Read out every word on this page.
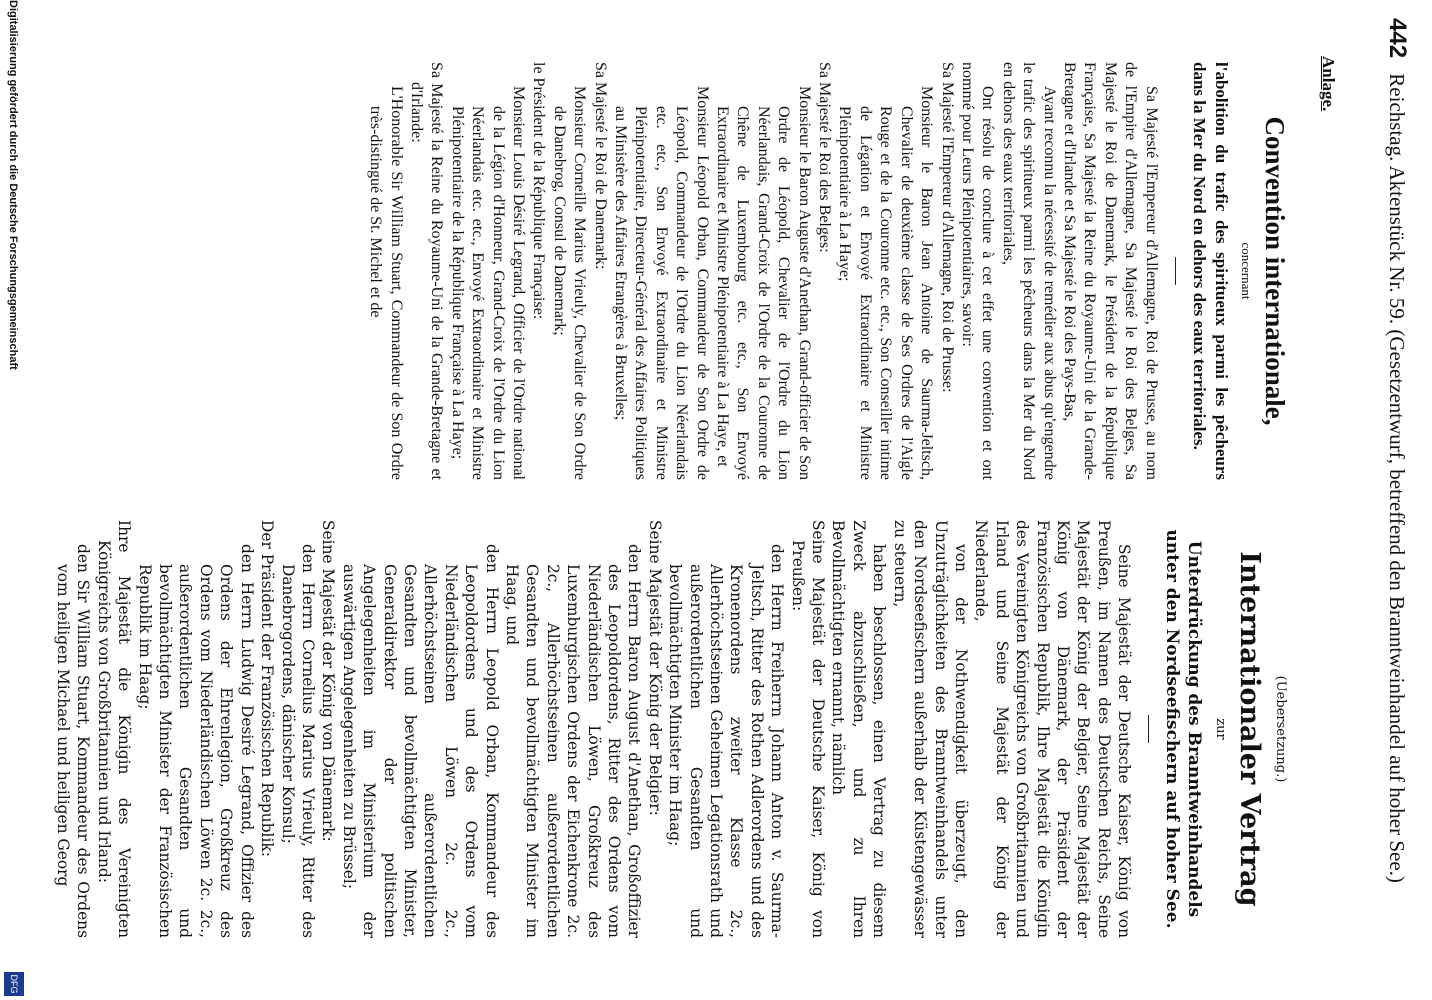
442 Reichstag. Aktenstück Nr. 59. (Gesetzentwurf, betreffend den Branntweinhandel auf hoher See.)
Anlage.
Convention internationale,
concernant

l'abolition du trafic des spiritueux parmi les pêcheurs dans la Mer du Nord en dehors des eaux territoriales.

Sa Majesté l'Empereur d'Allemagne, Roi de Prusse, au nom de l'Empire d'Allemagne, Sa Majesté le Roi des Belges, Sa Majesté le Roi de Danemark, le Président de la République Française, Sa Majesté la Reine du Royaume-Uni de la Grande-Bretagne et d'Irlande et Sa Majesté le Roi des Pays-Bas,

Ayant reconnu la nécessité de remédier aux abus qu'engendre le trafic des spiritueux parmi les pêcheurs dans la Mer du Nord en dehors des eaux territoriales,

Ont résolu de conclure à cet effet une convention et ont nommé pour Leurs Plénipotentiaires, savoir:

Sa Majesté l'Empereur d'Allemagne, Roi de Prusse:

Monsieur le Baron Jean Antoine de Saurma-Jeltsch, Chevalier de deuxième classe de Ses Ordres de l'Aigle Rouge et de la Couronne etc. etc., Son Conseiller intime de Légation et Envoyé Extraordinaire et Ministre Plénipotentiaire à La Haye;

Sa Majesté le Roi des Belges:

Monsieur le Baron Auguste d'Anethan, Grand-officier de Son Ordre de Léopold, Chevalier de l'Ordre du Lion Néerlandais, Grand-Croix de l'Ordre de la Couronne de Chêne de Luxembourg etc. etc., Son Envoyé Extraordinaire et Ministre Plénipotentiaire à La Haye, et

Monsieur Léopold Orban, Commandeur de Son Ordre de Léopold, Commandeur de l'Ordre du Lion Néerlandais etc. etc., Son Envoyé Extraordinaire et Ministre Plénipotentiaire, Directeur-Général des Affaires Politiques au Ministère des Affaires Etrangères à Bruxelles;

Sa Majesté le Roi de Danemark:

Monsieur Corneille Marius Vrieuly, Chevalier de Son Ordre de Danebrog, Consul de Danemark;

le Président de la République Française:

Monsieur Louis Désiré Legrand, Officier de l'Ordre national de la Légion d'Honneur, Grand-Croix de l'Ordre du Lion Néerlandais etc. etc., Envoyé Extraordinaire et Ministre Plénipotentiaire de la République Française à La Haye;

Sa Majesté la Reine du Royaume-Uni de la Grande-Bretagne et d'Irlande:

L'Honorable Sir William Stuart, Commandeur de Son Ordre très-distingué de St. Michel et de

(Uebersetzung.)
Internationaler Vertrag
zur

Unterdrückung des Branntweinhandels unter den Nordseefischern auf hoher See.

Seine Majestät der Deutsche Kaiser, König von Preußen, im Namen des Deutschen Reichs, Seine Majestät der König der Belgier, Seine Majestät der König von Dänemark, der Präsident der Französischen Republik, Ihre Majestät die Königin des Vereinigten Königreichs von Großbritannien und Irland und Seine Majestät der König der Niederlande,

von der Nothwendigkeit überzeugt, den Unzuträglichkeiten des Branntweinhandels unter den Nordseefischern außerhalb der Küstengewässer zu steuern,

haben beschlossen, einen Vertrag zu diesem Zweck abzuschließen, und zu Ihren Bevollmächtigten ernannt, nämlich

Seine Majestät der Deutsche Kaiser, König von Preußen:

den Herrn Freiherrn Johann Anton v. Saurma-Jeltsch, Ritter des Rothen Adlerordens und des Kronenordens zweiter Klasse 2c., Allerhöchstseinen Geheimen Legationsrath und außerordentlichen Gesandten und bevollmächtigten Minister im Haag;

Seine Majestät der König der Belgier:

den Herrn Baron August d'Anethan, Großoffizier des Leopoldordens, Ritter des Ordens vom Niederländischen Löwen, Großkreuz des Luxemburgischen Ordens der Eichenkrone 2c. 2c., Allerhöchstseinen außerordentlichen Gesandten und bevollmächtigten Minister im Haag, und

den Herrn Leopold Orban, Kommandeur des Leopoldordens und des Ordens vom Niederländischen Löwen 2c. 2c., Allerhöchstseinen außerordentlichen Gesandten und bevollmächtigten Minister, Generaldirektor der politischen Angelegenheiten im Ministerium der auswärtigen Angelegenheiten zu Brüssel;

Seine Majestät der König von Dänemark:

den Herrn Cornelius Marius Vrieuly, Ritter des Danebrogordens, dänischer Konsul;

Der Präsident der Französischen Republik:

den Herrn Ludwig Desiré Legrand, Offizier des Ordens der Ehrenlegion, Großkreuz des Ordens vom Niederländischen Löwen 2c. 2c., außerordentlichen Gesandten und bevollmächtigten Minister der Französischen Republik im Haag;

Ihre Majestät die Königin des Vereinigten Königreichs von Großbritannien und Irland:

den Sir William Stuart, Kommandeur des Ordens vom heiligen Michael und heiligen Georg

Digitalisierung gefördert durch die Deutsche Forschungsgemeinschaft
DFG
